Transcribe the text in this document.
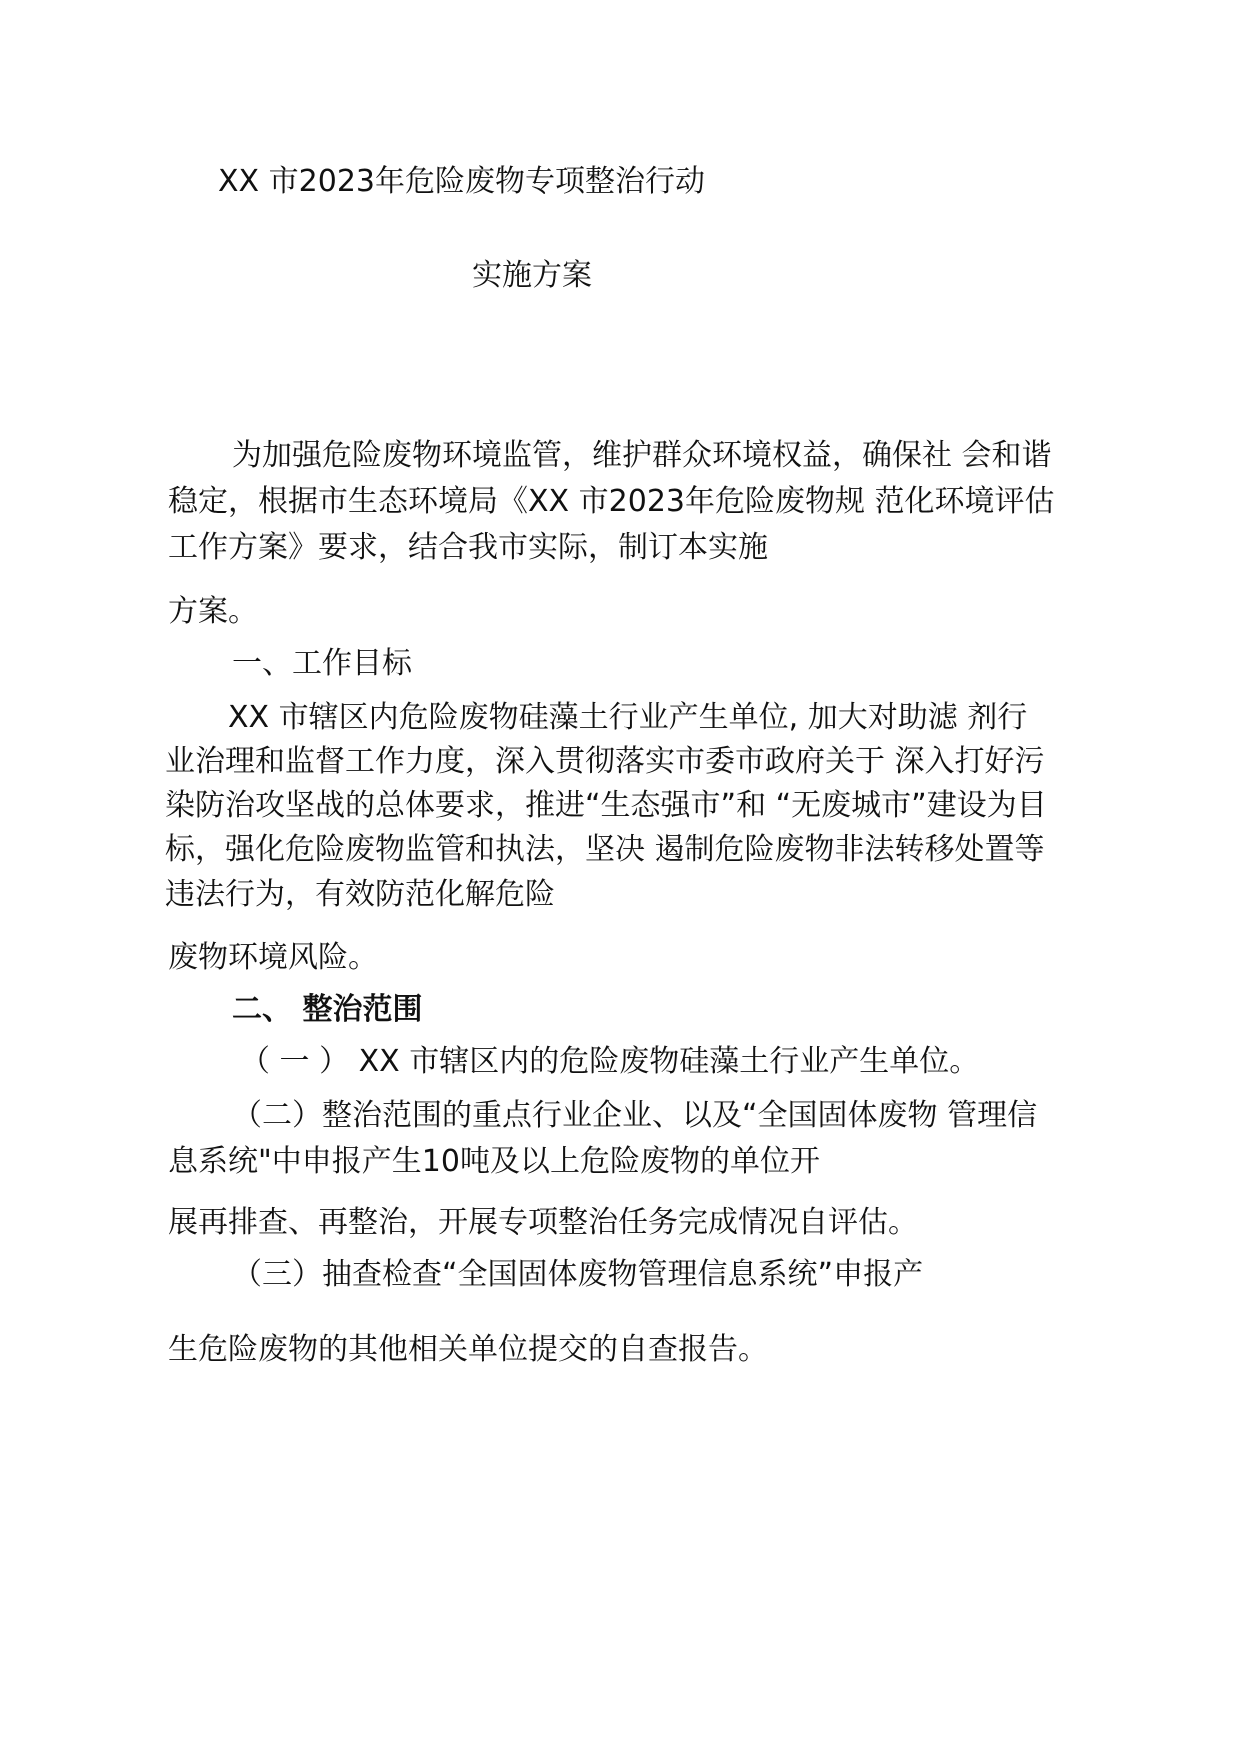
XX 市2023年危险废物专项整治行动

实施方案

为加强危险废物环境监管，维护群众环境权益，确保社 会和谐

稳定，根据市生态环境局《XX 市2023年危险废物规 范化环境评估

工作方案》要求，结合我市实际，制订本实施

方案。

一、工作目标

XX 市辖区内危险废物硅藻土行业产生单位, 加大对助滤 剂行

业治理和监督工作力度，深入贯彻落实市委市政府关于 深入打好污

染防治攻坚战的总体要求，推进“生态强市”和 “无废城市”建设为目

标，强化危险废物监管和执法，坚决 遏制危险废物非法转移处置等

违法行为，有效防范化解危险

废物环境风险。

二、 整治范围

（ 一 ） XX 市辖区内的危险废物硅藻土行业产生单位。

（二）整治范围的重点行业企业、以及“全国固体废物 管理信

息系统"中申报产生10吨及以上危险废物的单位开

展再排查、再整治，开展专项整治任务完成情况自评估。

（三）抽查检查“全国固体废物管理信息系统”申报产

生危险废物的其他相关单位提交的自查报告。
